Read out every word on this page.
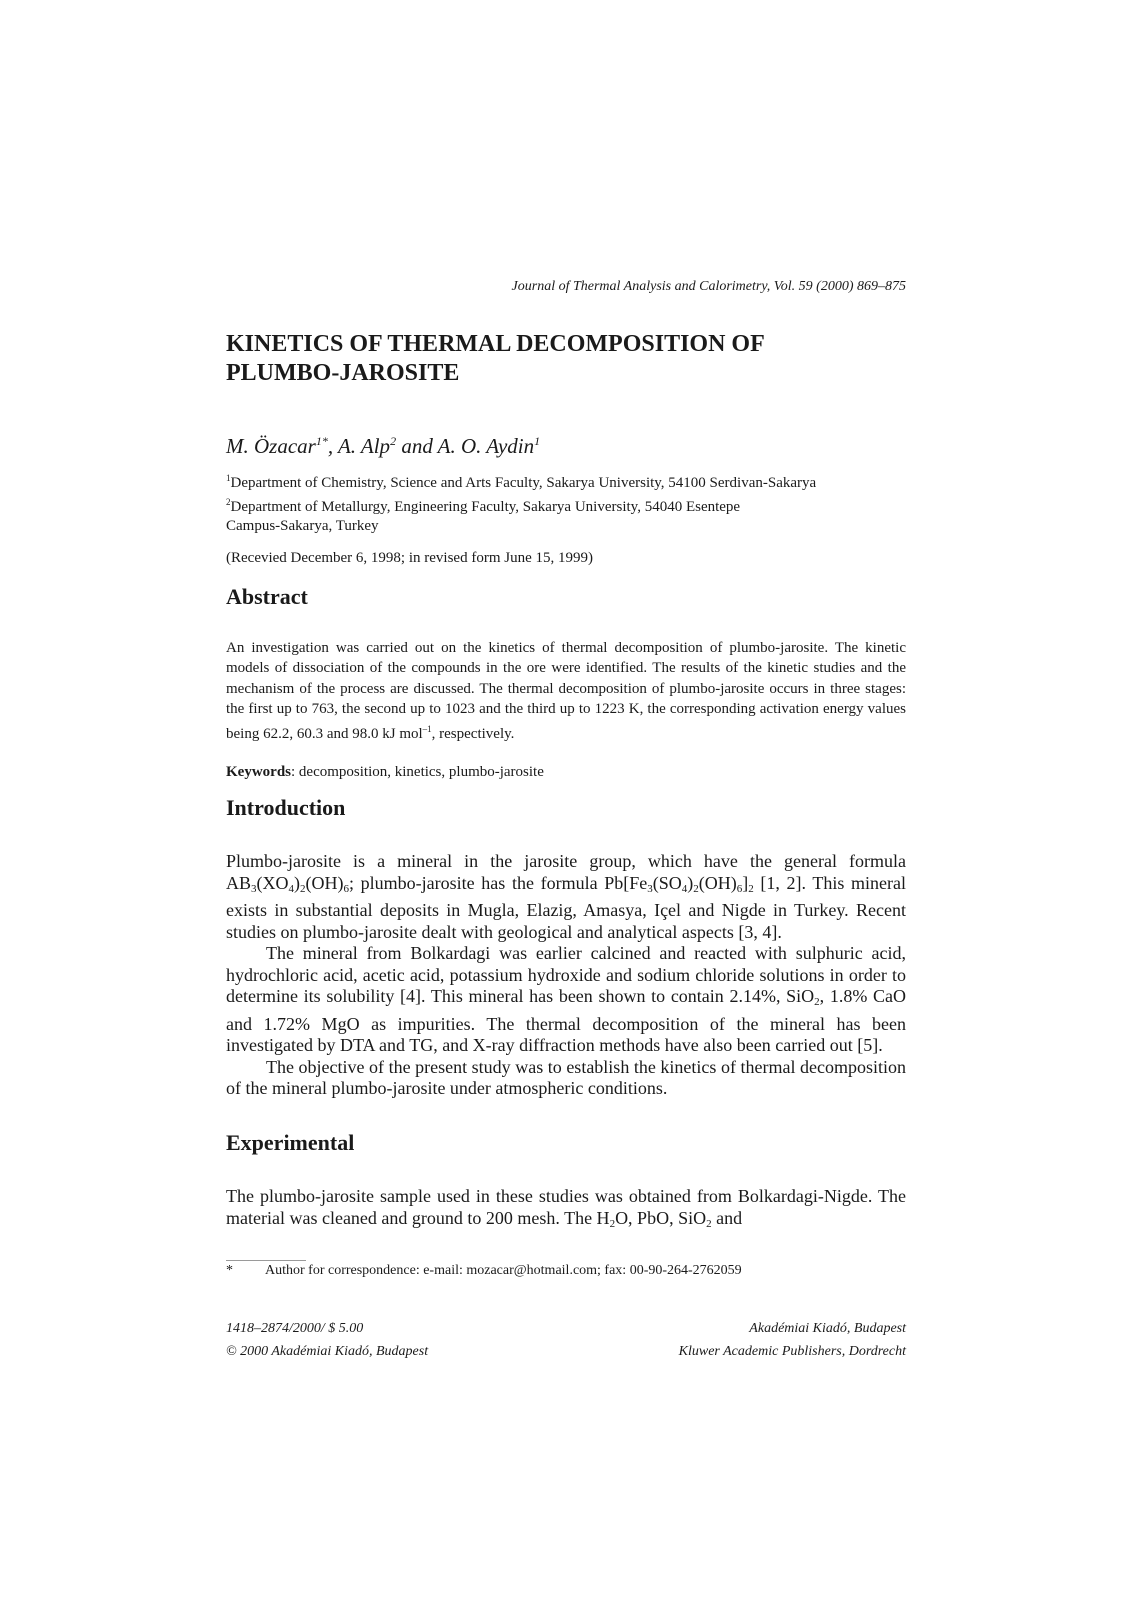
Journal of Thermal Analysis and Calorimetry, Vol. 59 (2000) 869–875
KINETICS OF THERMAL DECOMPOSITION OF
PLUMBO-JAROSITE

M. Özacar$^{1*}$, A. Alp$^2$ and A. O. Aydin$^1$

$^1$Department of Chemistry, Science and Arts Faculty, Sakarya University, 54100 Serdivan-Sakarya
$^2$Department of Metallurgy, Engineering Faculty, Sakarya University, 54040 Esentepe
Campus-Sakarya, Turkey
(Recevied December 6, 1998; in revised form June 15, 1999)
Abstract
An investigation was carried out on the kinetics of thermal decomposition of plumbo-jarosite. The kinetic models of dissociation of the compounds in the ore were identified. The results of the kinetic studies and the mechanism of the process are discussed. The thermal decomposition of plumbo-jarosite occurs in three stages: the first up to 763, the second up to 1023 and the third up to 1223 K, the corresponding activation energy values being 62.2, 60.3 and 98.0 kJ mol$^{-1}$, respectively.
Keywords: decomposition, kinetics, plumbo-jarosite
Introduction

Plumbo-jarosite is a mineral in the jarosite group, which have the general formula $AB_3(XO_4)_2(OH)_6$; plumbo-jarosite has the formula $Pb[Fe_3(SO_4)_2(OH)_6]_2$ [1, 2]. This mineral exists in substantial deposits in Mugla, Elazig, Amasya, Içel and Nigde in Turkey. Recent studies on plumbo-jarosite dealt with geological and analytical aspects [3, 4].

The mineral from Bolkardagi was earlier calcined and reacted with sulphuric acid, hydrochloric acid, acetic acid, potassium hydroxide and sodium chloride solutions in order to determine its solubility [4]. This mineral has been shown to contain 2.14%, SiO$_2$, 1.8% CaO and 1.72% MgO as impurities. The thermal decomposition of the mineral has been investigated by DTA and TG, and X-ray diffraction methods have also been carried out [5].

The objective of the present study was to establish the kinetics of thermal decomposition of the mineral plumbo-jarosite under atmospheric conditions.

Experimental
The plumbo-jarosite sample used in these studies was obtained from Bolkardagi-Nigde. The material was cleaned and ground to 200 mesh. The $H_2O$, PbO, SiO$_2$ and
* Author for correspondence: e-mail: mozacar@hotmail.com; fax: 00-90-264-2762059
1418–2874/2000/ $ 5.00
© 2000 Akadémiai Kiadó, Budapest
Akadémiai Kiadó, Budapest
Kluwer Academic Publishers, Dordrecht
